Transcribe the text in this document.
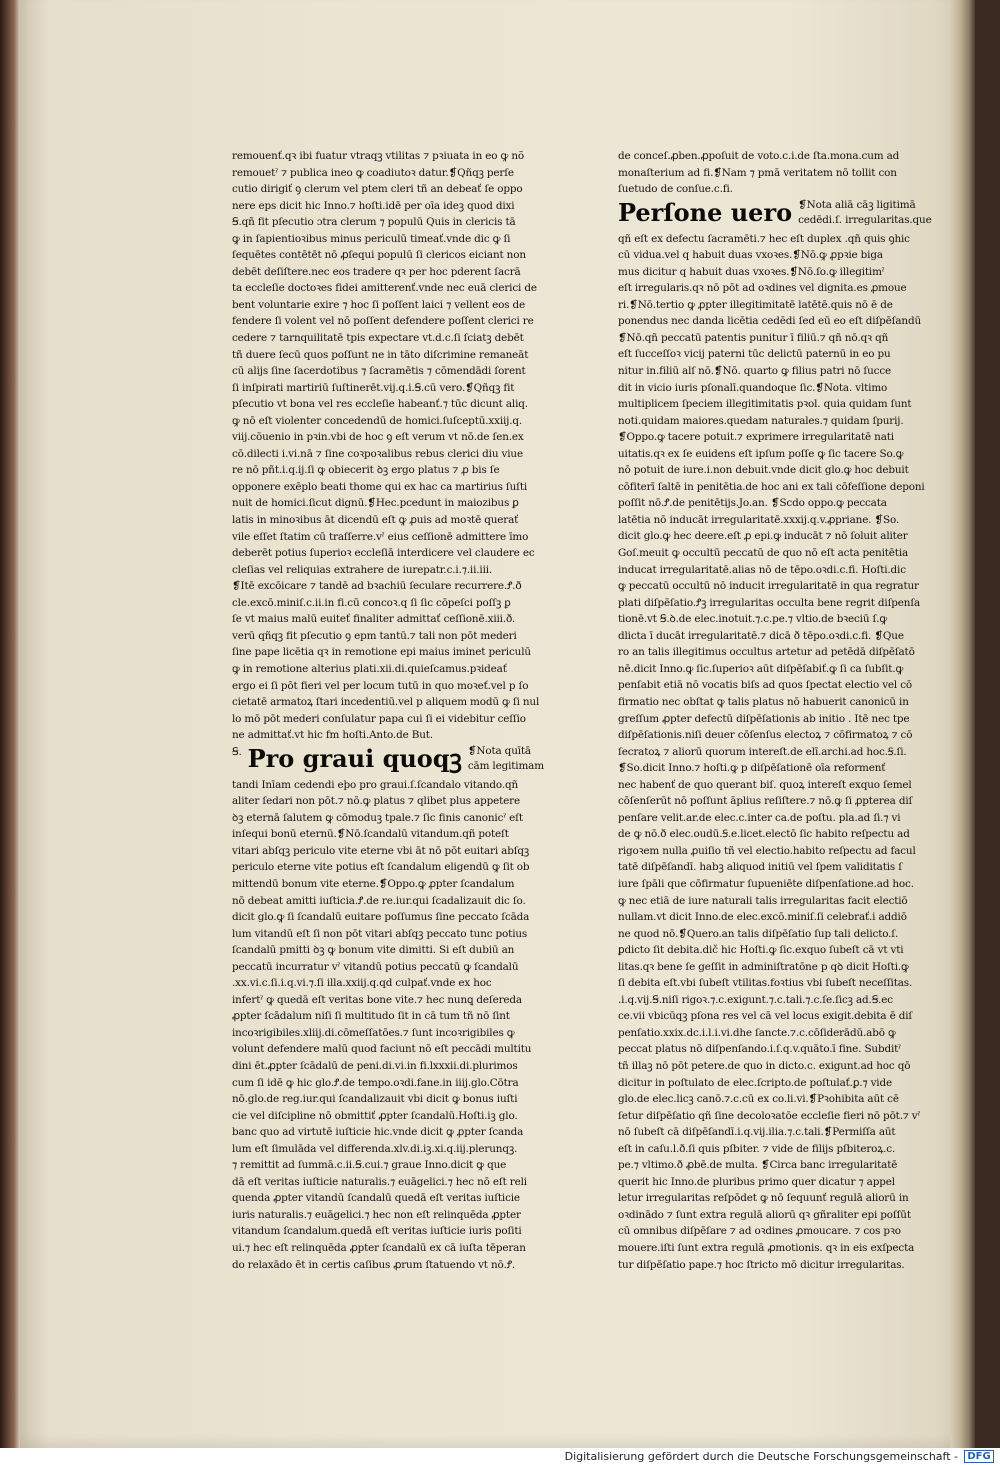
remouenť.qꝛ ibi fuatur vtraqꝫ vtilitas ⁊ pꝛiuata in eo ꝙ nõ
remouetˀ ⁊ publica ineo ꝙ coadiutoꝛ datur.❡Qñqꝫ perſe
cutio dirigiť ꝯ clerum vel ptem cleri tñ an debeať ſe oppo
nere eps dicit hic Inno.⁊ hoſti.idē per oīa ideꝫ quod dixi
Ꞩ.qñ fit pſecutio ɔtra clerum ⁊ populū Quis in clericis tā
ꝙ in ſapientioꝛibus minus periculū timeať.vnde dic ꝙ ſi
ſequētes contētēt nō ꝓſequi populū ſi clericos eiciant non
debēt deſiſtere.nec eos tradere qꝛ per hoc pderent ſacrā
ta eccleſie doctoꝛes fidei amitterenť.vnde nec euā clerici de
bent voluntarie exire ⁊ hoc ſi poſſent laici ⁊ vellent eos de
fendere ſi volent vel nō poſſent defendere poſſent clerici re
cedere ⁊ tarnquilitatē tpis expectare vt.d.c.ſi ſciatꝫ debēt
tñ duere ſecū quos poſſunt ne in tāto diſcrimine remaneāt
cū alijs ſine ſacerdotibus ⁊ ſacramētis ⁊ cōmendādi ſorent
ſi inſpirati martiriū ſuſtinerēt.vij.q.i.Ꞩ.cū vero.❡Qñqꝫ fit
pſecutio vt bona vel res eccleſie habeanť.⁊ tūc dicunt aliq.
ꝙ nō eſt violenter concedendū de homici.ſuſceptū.xxiij.q.
viij.cōuenio in pꝛin.vbi de hoc ꝯ eſt verum vt nō.de ſen.ex
cō.dilecti i.vi.nā ⁊ ſine coꝛpoꝛalibus rebus clerici diu viue
re nō pñt.i.q.ij.ſi ꝙ obiecerit ꝺꝫ ergo platus ⁊ ꝓ bis ſe
opponere exēplo beati thome qui ex hac ca martirius ſuſti
nuit de homici.ſicut dignū.❡Hec.pcedunt in maiozibus ꝑ
latis in minoꝛibus āt dicendū eſt ꝙ ꝓuis ad moꝛtē querať
vile eſſet ſtatim cū traſſerre.vˀ eius ceſſionē admittere īmo
deberēt potius ſuperioꝛ eccleſiā interdicere vel claudere ec
cleſias vel reliquias extrahere de iurepatr.c.i.⁊.ii.iii.
❡Itē excōicare ⁊ tandē ad bꝛachiū ſeculare recurrere.Ꝭ.ð
cle.excō.miniſ.c.ii.in fi.cū concoꝛ.q ſi ſic cōpeſci poſſꝫ ꝑ
ſe vt maius malū euiteť finaliter admittať ceſſionē.xiii.ð.
verū qñqꝫ fit pſecutio ꝯ epm tantū.⁊ tali non pōt mederi
ſine pape licētia qꝛ in remotione epi maius iminet periculū
ꝙ in remotione alterius plati.xii.di.quieſcamus.pꝛideať
ergo ei ſi pōt fieri vel per locum tutū in quo moꝛeť.vel p ſo
cietatē armatoꝝ ſtari incedentiū.vel p aliquem modū ꝙ ſi nul
lo mō pōt mederi conſulatur papa cui ſi ei videbitur ceſſio
ne admittať.vt hic fm hoſti.Anto.de But.
Ꞩ. Pro graui quoqꝫ ❡Nota quītā
cām legitimam
tandi Inīam cedendi eþo pro graui.ſ.ſcandalo vitando.qñ
aliter ſedari non pōt.⁊ nō.ꝙ platus ⁊ qlibet plus appetere
ꝺꝫ eternā ſalutem ꝙ cōmoduꝫ tpale.⁊ ſic finis canonicˀ eſt
inſequi bonū eternū.❡Nō.ſcandalū vitandum.qñ poteſt
vitari abſqꝫ periculo vite eterne vbi āt nō pōt euitari abſqꝫ
periculo eterne vite potius eſt ſcandalum eligendū ꝙ ſit ob
mittendū bonum vite eterne.❡Oppo.ꝙ ꝓpter ſcandalum
nō debeat amitti iuſticia.Ꝭ.de re.iur.qui ſcadalizauit dic ſo.
dicit glo.ꝙ ſi ſcandalū euitare poſſumus ſine peccato ſcāda
lum vitandū eſt ſi non pōt vitari abſqꝫ peccato tunc potius
ſcandalū pmitti ꝺꝫ ꝙ bonum vite dimitti. Si eſt dubiū an
peccatū incurratur vˀ vitandū potius peccatū ꝙ ſcandalū
.xx.vi.c.ſi.i.q.vi.⁊.ſi illa.xxiij.q.qd culpať.vnde ex hoc
infertˀ ꝙ quedā eſt veritas bone vite.⁊ hec nunꝗ deſereda
ꝓpter ſcādalum niſi ſi multitudo ſit in cā tum tñ nō ſint
incoꝛrigibiles.xliij.di.cōmeſſatōes.⁊ ſunt incoꝛrigibiles ꝙ
volunt defendere malū quod faciunt nō eſt peccādi multitu
dini ēt.ꝓpter ſcādalū de peni.di.vi.in fi.lxxxii.di.plurimos
cum ſi idē ꝙ hic glo.Ꝭ.de tempo.oꝛdi.fane.in iiij.glo.Cōtra
nō.glo.de reg.iur.qui ſcandalizauit vbi dicit ꝙ bonus iuſti
cie vel diſcipline nō obmittiť ꝓpter ſcandalū.Hoſti.iꝫ glo.
banc quo ad virtutē iuſticie hic.vnde dicit ꝙ ꝓpter ſcanda
lum eſt ſimulāda vel differenda.xlv.di.iꝫ.xi.q.iij.plerunqꝫ.
⁊ remittit ad ſummā.c.ii.Ꞩ.cui.⁊ graue Inno.dicit ꝙ que
dā eſt veritas iuſticie naturalis.⁊ euāgelici.⁊ hec nō eſt reli
quenda ꝓpter vitandū ſcandalū quedā eſt veritas iuſticie
iuris naturalis.⁊ euāgelici.⁊ hec non eſt relinquēda ꝓpter
vitandum ſcandalum.quedā eſt veritas iuſticie iuris poſiti
ui.⁊ hec eſt relinquēda ꝓpter ſcandalū ex cā iuſta tēperan
do relaxādo ēt in certis caſibus ꝓrum ſtatuendo vt nō.Ꝭ.
de conceſ.ꝓben.ꝓpoſuit de voto.c.i.de ſta.mona.cum ad
monaſterium ad fi.❡Nam ⁊ pmā veritatem nō tollit con
ſuetudo de conſue.c.fi.
Perſone uero ❡Nota aliā cāꝫ ligitimā
cedēdi.ſ. irregularitas.que
qñ eſt ex defectu ſacramēti.⁊ hec eſt duplex .qñ quis ꝯhic
cū vidua.vel q habuit duas vxoꝛes.❡Nō.ꝙ ꝓpꝛie biga
mus dicitur q habuit duas vxoꝛes.❡Nō.ſo.ꝙ illegitimˀ
eſt irregularis.qꝛ nō pōt ad oꝛdines vel dignita.es ꝓmoue
ri.❡Nō.tertio ꝙ ꝓpter illegitimitatē latētē.quis nō ē de
ponendus nec danda licētia cedēdi ſed eū eo eſt diſpēſandū
❡Nō.qñ peccatū patentis punitur ī filiū.⁊ qñ nō.qꝛ qñ
eſt ſucceſſoꝛ vicij paterni tūc delictū paternū in eo pu
nitur in.filiū alſ nō.❡Nō. quarto ꝙ filius patri nō ſucce
dit in vicio iuris pſonalī.quandoque ſic.❡Nota. vltimo
multiplicem ſpeciem illegitimitatis pꝛol. quia quidam ſunt
noti.quidam maiores.quedam naturales.⁊ quidam ſpurij.
❡Oppo.ꝙ tacere potuit.⁊ exprimere irregularitatē nati
uitatis.qꝛ ex ſe euidens eſt ipſum poſſe ꝙ ſic tacere So.ꝙ
nō potuit de iure.i.non debuit.vnde dicit glo.ꝙ hoc debuit
cōfiterī ſaltē in penitētia.de hoc ani ex tali cōfeſſione deponi
poſſit nō.Ꝭ.de penitētijs.Jo.an. ❡Scdo oppo.ꝙ peccata
latētia nō inducāt irregularitatē.xxxij.q.v.ꝓpriane. ❡So.
dicit glo.ꝙ hec deere.eſt ꝓ epi.ꝙ inducāt ⁊ nō ſoluit aliter
Goſ.meuit ꝙ occultū peccatū de quo nō eſt acta penitētia
inducat irregularitatē.alias nō de tēpo.oꝛdi.c.fi. Hoſti.dic
ꝙ peccatū occultū nō inducit irregularitatē in qua regratur
plati diſpēſatio.Ꝭꝫ irregularitas occulta bene regrit diſpenſa
tionē.vt Ꞩ.ꝺ.de elec.inotuit.⁊.c.pe.⁊ vltio.de bꝛeciū ſ.ꝙ
dlicta ī ducāt irregularitatē.⁊ dicā ð tēpo.oꝛdi.c.fi. ❡Que
ro an talis illegitimus occultus artetur ad petēdā diſpēſatō
nē.dicit Inno.ꝙ ſic.ſuperioꝛ aūt diſpēſabiť.ꝙ ſi ca ſubſit.ꝙ
penſabit etiā nō vocatis biſs ad quos ſpectat electio vel cō
firmatio nec obſtat ꝙ talis platus nō habuerit canonicū in
greſſum ꝓpter defectū diſpēſationis ab initio . Itē nec tpe
diſpēſationis.niſi deuer cōſenſus electoꝝ ⁊ cōfirmatoꝝ ⁊ cō
ſecratoꝝ ⁊ aliorū quorum intereſt.de elī.archi.ad hoc.Ꞩ.ſi.
❡So.dicit Inno.⁊ hoſti.ꝙ p diſpēſationē oīa reformenť
nec habenť de quo querant biſ. quoꝝ intereſt exquo ſemel
cōſenſerūt nō poſſunt āplius reſiſtere.⁊ nō.ꝙ ſi ꝓpterea diſ
penſare velit.ar.de elec.c.inter ca.de poſtu. pla.ad ſi.⁊ vi
de ꝙ nō.ð elec.oudū.Ꞩ.e.licet.electō ſic habito reſpectu ad
rigoꝛem nulla ꝓuiſio tñ vel electio.habito reſpectu ad facul
tatē diſpēſandī. habꝫ aliquod initiū vel ſpem validitatis ſ
iure ſpāli que cōfirmatur ſupueniēte diſpenſatione.ad hoc.
ꝙ nec etiā de iure naturali talis irregularitas facit electiō
nullam.vt dicit Inno.de elec.excō.miniſ.ſi celebrať.i addiō
ne quod nō.❡Quero.an talis diſpēſatio ſup tali delicto.ſ.
ꝑdicto ſit debita.dič hic Hoſti.ꝙ ſic.exquo ſubeſt cā vt vti
litas.qꝛ bene ſe geſſit in adminiſtratōne p qꝺ dicit Hoſti.ꝙ
ſi debita eſt.vbi ſubeſt vtilitas.foꝛtius vbi ſubeſt neceſſitas.
.i.q.vij.Ꞩ.niſi rigoꝛ.⁊.c.exigunt.⁊.c.tali.⁊.c.ſe.ſicꝫ ad.Ꞩ.ec
ce.vii vbicūqꝫ pſona res vel cā vel locus exigit.debita ē diſ
penſatio.xxix.dc.i.l.i.vi.dhe ſancte.⁊.c.cōſiderādū.abō ꝙ
peccat platus nō diſpenſando.i.ſ.q.v.quāto.ī fine. Subditˀ
tñ illaꝫ nō pōt petere.de quo in dicto.c. exigunt.ad hoc qō
dicitur in poſtulato de elec.ſcripto.de poſtulať.ꝑ.⁊ vide
glo.de elec.licꝫ canō.⁊.c.cū ex co.li.vi.❡Pꝛohibita aūt cē
ſetur diſpēſatio qñ ſine decoloꝛatōe eccleſie fieri nō pōt.⁊ vˀ
nō ſubeſt cā diſpēſandī.i.q.vij.ilia.⁊.c.tali.❡Permiſſa aūt
eſt in caſu.l.ð.ſi quis pſbiter. ⁊ vide de filijs pſbiteroꝝ.c.
pe.⁊ vltimo.ð ꝓbē.de multa. ❡Circa banc irregularitatē
querit hic Inno.de pluribus primo quer dicatur ⁊ appel
letur irregularitas reſpōdet ꝙ nō ſequunť regulā aliorū in
oꝛdinādo ⁊ ſunt extra regulā aliorū qꝛ gñraliter epi poſſūt
cū omnibus diſpēſare ⁊ ad oꝛdines ꝓmoucare. ⁊ cos pꝛo
mouere.iſti ſunt extra regulā ꝓmotionis. qꝛ in eis exſpecta
tur diſpēſatio pape.⁊ hoc ſtricto mō dicitur irregularitas.
Digitalisierung gefördert durch die Deutsche Forschungsgemeinschaft - DFG
